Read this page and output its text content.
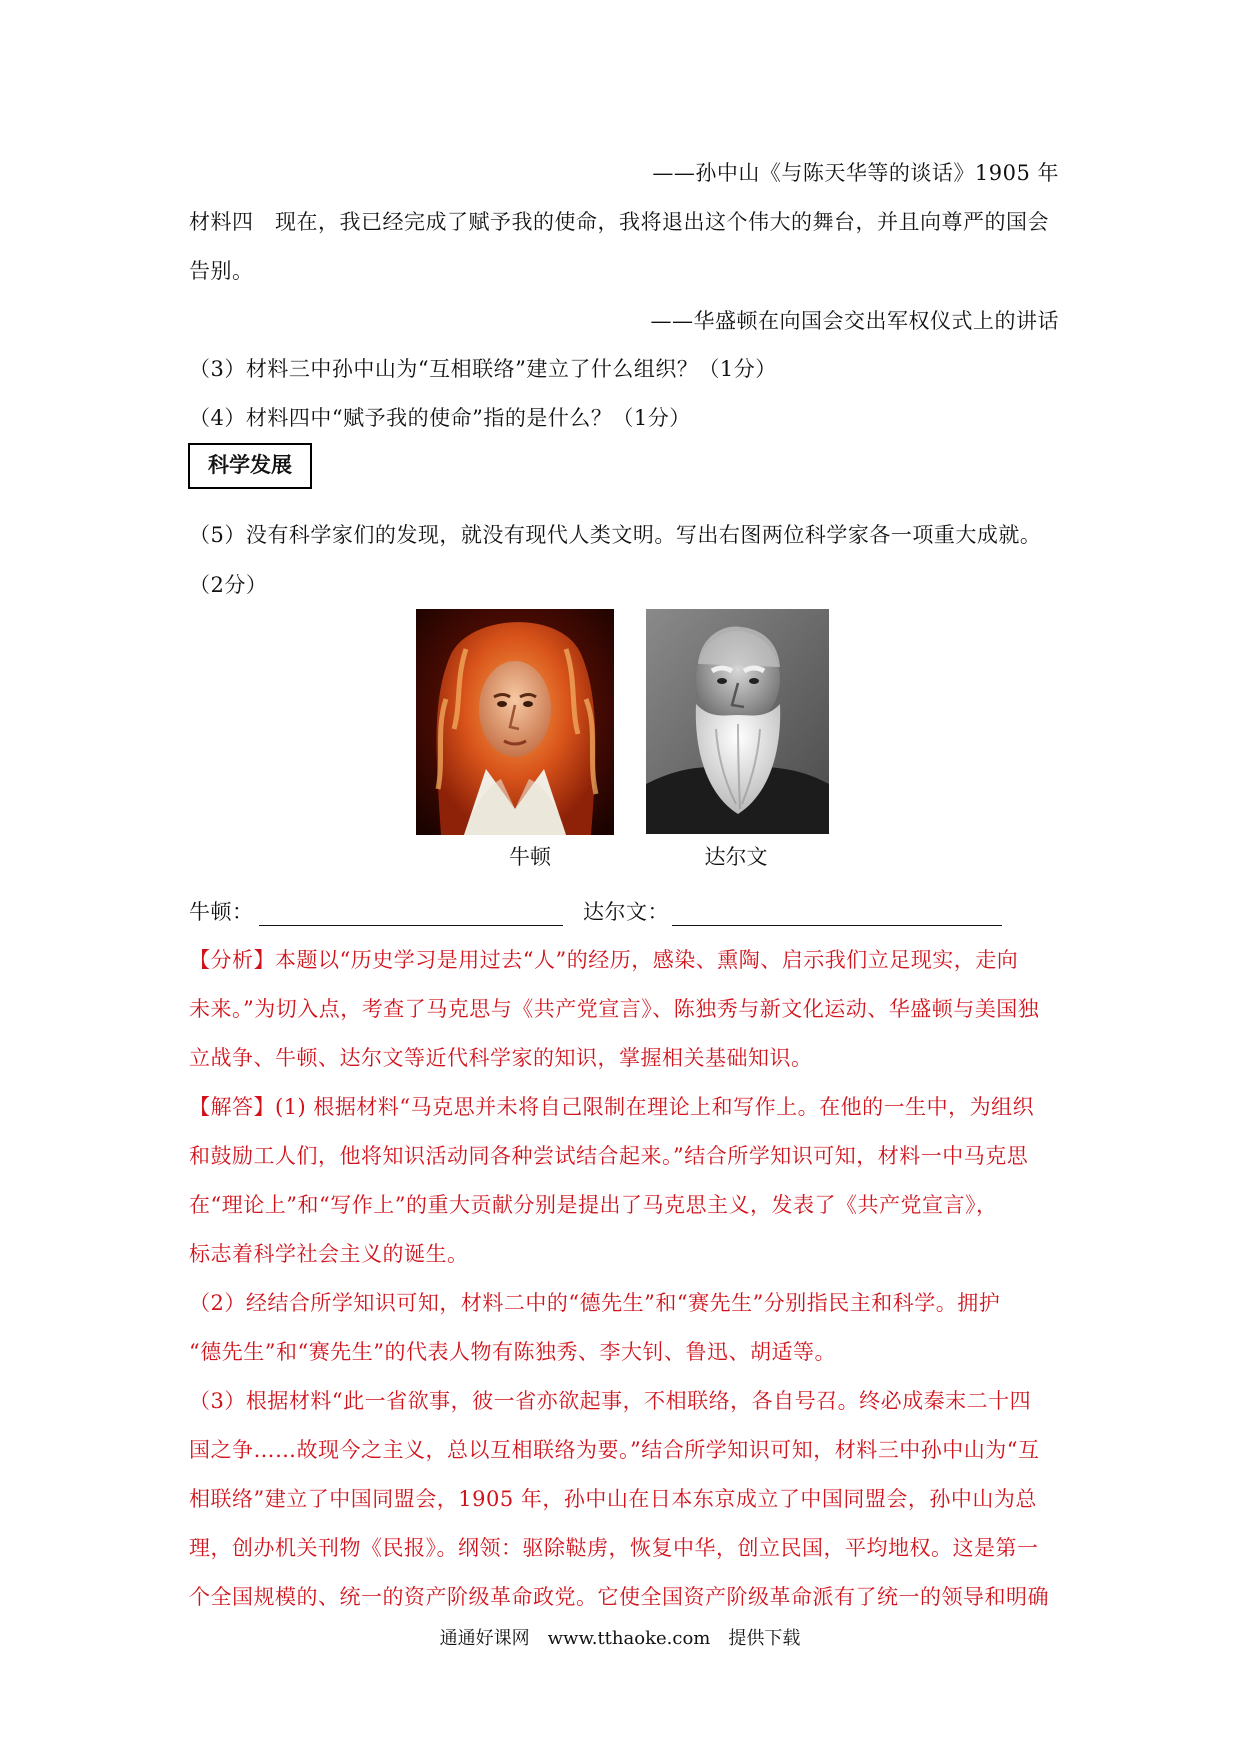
——孙中山《与陈天华等的谈话》1905 年
材料四　现在，我已经完成了赋予我的使命，我将退出这个伟大的舞台，并且向尊严的国会
告别。
——华盛顿在向国会交出军权仪式上的讲话
（3）材料三中孙中山为“互相联络”建立了什么组织？（1分）
（4）材料四中“赋予我的使命”指的是什么？（1分）
科学发展
（5）没有科学家们的发现，就没有现代人类文明。写出右图两位科学家各一项重大成就。
（2分）
牛顿	达尔文
牛顿：	达尔文：
【分析】本题以“历史学习是用过去“人”的经历，感染、熏陶、启示我们立足现实，走向
未来。”为切入点，考查了马克思与《共产党宣言》、陈独秀与新文化运动、华盛顿与美国独
立战争、牛顿、达尔文等近代科学家的知识，掌握相关基础知识。
【解答】(1) 根据材料“马克思并未将自己限制在理论上和写作上。在他的一生中，为组织
和鼓励工人们，他将知识活动同各种尝试结合起来。”结合所学知识可知，材料一中马克思
在“理论上”和“写作上”的重大贡献分别是提出了马克思主义，发表了《共产党宣言》，
标志着科学社会主义的诞生。
（2）经结合所学知识可知，材料二中的“德先生”和“赛先生”分别指民主和科学。拥护
“德先生”和“赛先生”的代表人物有陈独秀、李大钊、鲁迅、胡适等。
（3）根据材料“此一省欲事，彼一省亦欲起事，不相联络，各自号召。终必成秦末二十四
国之争……故现今之主义，总以互相联络为要。”结合所学知识可知，材料三中孙中山为“互
相联络”建立了中国同盟会，1905 年，孙中山在日本东京成立了中国同盟会，孙中山为总
理，创办机关刊物《民报》。纲领：驱除鞑虏，恢复中华，创立民国，平均地权。这是第一
个全国规模的、统一的资产阶级革命政党。它使全国资产阶级革命派有了统一的领导和明确
通通好课网　www.tthaoke.com　提供下载
